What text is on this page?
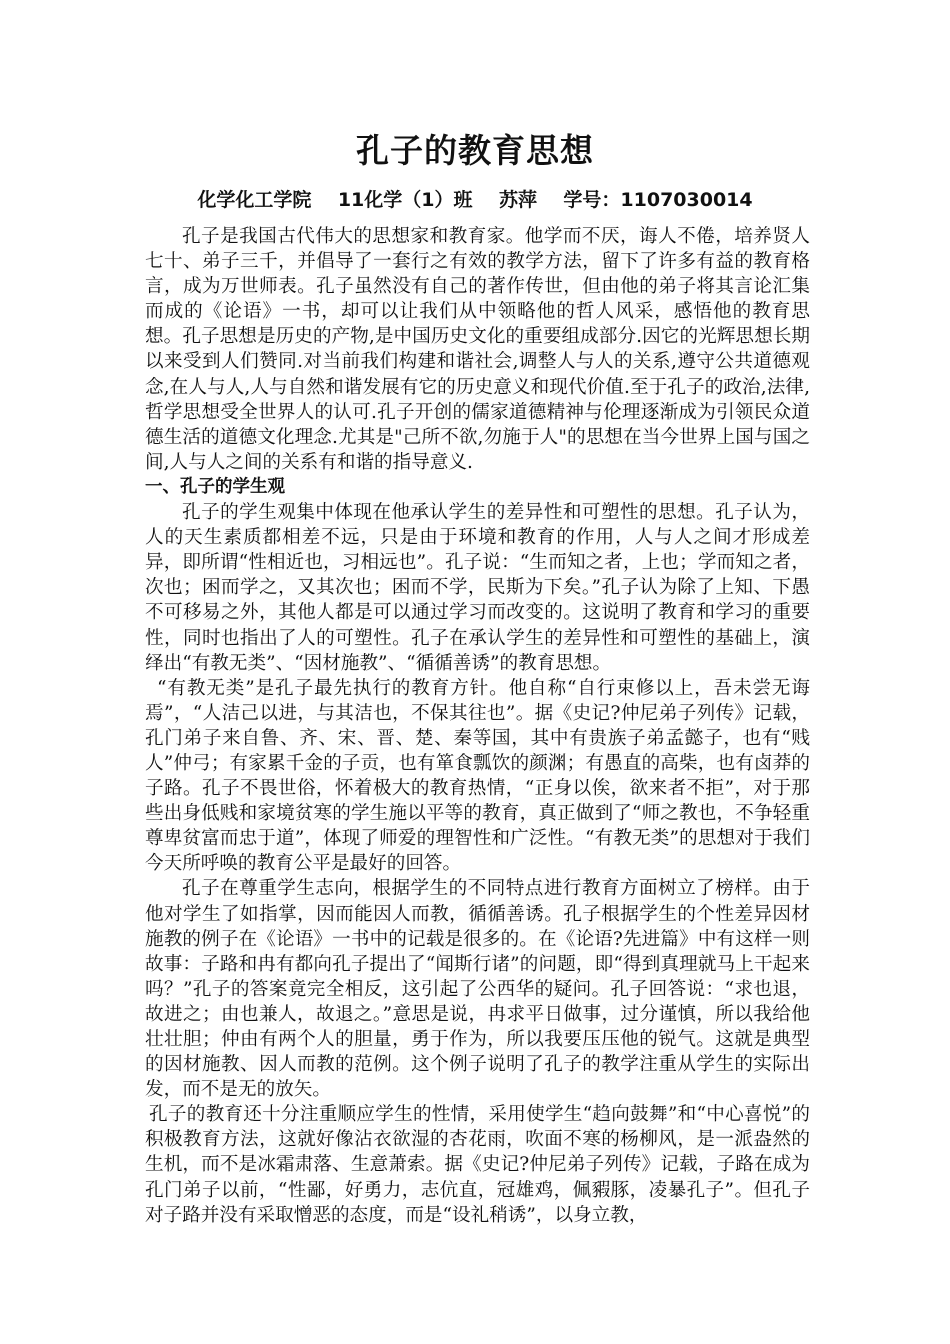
孔子的教育思想
化学化工学院    11化学（1）班    苏萍    学号：1107030014

孔子是我国古代伟大的思想家和教育家。他学而不厌，诲人不倦，培养贤人七十、弟子三千，并倡导了一套行之有效的教学方法，留下了许多有益的教育格言，成为万世师表。孔子虽然没有自己的著作传世，但由他的弟子将其言论汇集而成的《论语》一书，却可以让我们从中领略他的哲人风采，感悟他的教育思想。孔子思想是历史的产物,是中国历史文化的重要组成部分.因它的光辉思想长期以来受到人们赞同.对当前我们构建和谐社会,调整人与人的关系,遵守公共道德观念,在人与人,人与自然和谐发展有它的历史意义和现代价值.至于孔子的政治,法律,哲学思想受全世界人的认可.孔子开创的儒家道德精神与伦理逐渐成为引领民众道德生活的道德文化理念.尤其是"己所不欲,勿施于人"的思想在当今世界上国与国之间,人与人之间的关系有和谐的指导意义.

一、孔子的学生观

孔子的学生观集中体现在他承认学生的差异性和可塑性的思想。孔子认为，人的天生素质都相差不远，只是由于环境和教育的作用，人与人之间才形成差异，即所谓“性相近也，习相远也”。孔子说：“生而知之者，上也；学而知之者，次也；困而学之，又其次也；困而不学，民斯为下矣。”孔子认为除了上知、下愚不可移易之外，其他人都是可以通过学习而改变的。这说明了教育和学习的重要性，同时也指出了人的可塑性。孔子在承认学生的差异性和可塑性的基础上，演绎出“有教无类”、“因材施教”、“循循善诱”的教育思想。

“有教无类”是孔子最先执行的教育方针。他自称“自行束修以上，吾未尝无诲焉”，“人洁己以进，与其洁也，不保其往也”。据《史记?仲尼弟子列传》记载，孔门弟子来自鲁、齐、宋、晋、楚、秦等国，其中有贵族子弟孟懿子，也有“贱人”仲弓；有家累千金的子贡，也有箪食瓢饮的颜渊；有愚直的高柴，也有卤莽的子路。孔子不畏世俗，怀着极大的教育热情，“正身以俟，欲来者不拒”，对于那些出身低贱和家境贫寒的学生施以平等的教育，真正做到了“师之教也，不争轻重尊卑贫富而忠于道”，体现了师爱的理智性和广泛性。“有教无类”的思想对于我们今天所呼唤的教育公平是最好的回答。

孔子在尊重学生志向，根据学生的不同特点进行教育方面树立了榜样。由于他对学生了如指掌，因而能因人而教，循循善诱。孔子根据学生的个性差异因材施教的例子在《论语》一书中的记载是很多的。在《论语?先进篇》中有这样一则故事：子路和冉有都向孔子提出了“闻斯行诸”的问题，即“得到真理就马上干起来吗？”孔子的答案竟完全相反，这引起了公西华的疑问。孔子回答说：“求也退，故进之；由也兼人，故退之。”意思是说，冉求平日做事，过分谨慎，所以我给他壮壮胆；仲由有两个人的胆量，勇于作为，所以我要压压他的锐气。这就是典型的因材施教、因人而教的范例。这个例子说明了孔子的教学注重从学生的实际出发，而不是无的放矢。

孔子的教育还十分注重顺应学生的性情，采用使学生“趋向鼓舞”和“中心喜悦”的积极教育方法，这就好像沾衣欲湿的杏花雨，吹面不寒的杨柳风，是一派盎然的生机，而不是冰霜肃落、生意萧索。据《史记?仲尼弟子列传》记载，子路在成为孔门弟子以前，“性鄙，好勇力，志伉直，冠雄鸡，佩豭豚，凌暴孔子”。但孔子对子路并没有采取憎恶的态度，而是“设礼稍诱”，以身立教，
